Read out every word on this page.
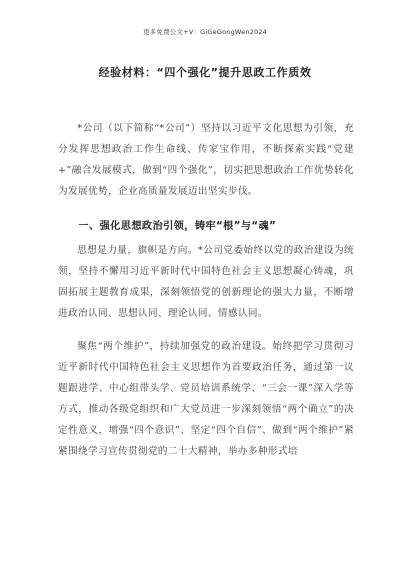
更多免费公文+V：GiGeGongWen2024
经验材料：“四个强化”提升思政工作质效

*公司（以下简称“*公司”）坚持以习近平文化思想为引领，充分发挥思想政治工作生命线、传家宝作用，不断探索实践“党建+”融合发展模式，做到“四个强化”，切实把思想政治工作优势转化为发展优势，企业高质量发展迈出坚实步伐。

一、强化思想政治引领，铸牢“根”与“魂”

思想是力量，旗帜是方向。*公司党委始终以党的政治建设为统领，坚持不懈用习近平新时代中国特色社会主义思想凝心铸魂，巩固拓展主题教育成果，深刻领悟党的创新理论的强大力量，不断增进政治认同、思想认同、理论认同、情感认同。

聚焦“两个维护”，持续加强党的政治建设。始终把学习贯彻习近平新时代中国特色社会主义思想作为首要政治任务，通过第一议题跟进学、中心组带头学、党员培训系统学、“三会一课”深入学等方式，推动各级党组织和广大党员进一步深刻领悟“两个确立”的决定性意义，增强“四个意识”、坚定“四个自信”、做到“两个维护”紧紧围绕学习宣传贯彻党的二十大精神，举办多种形式培
